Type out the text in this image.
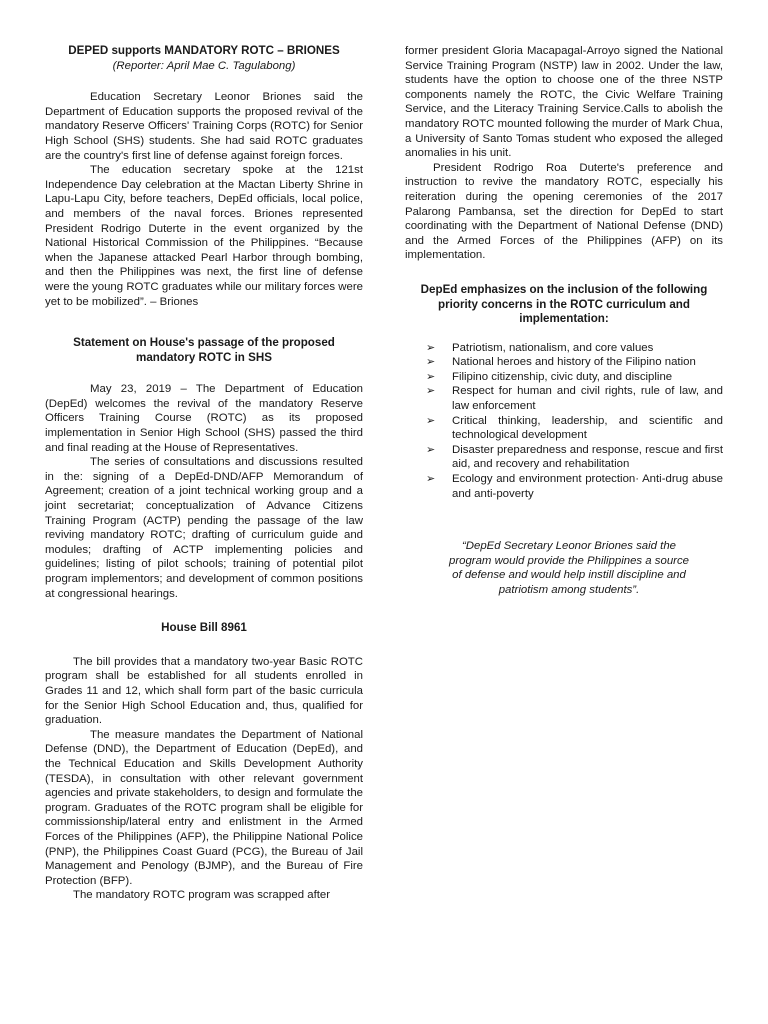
DEPED supports MANDATORY ROTC – BRIONES
(Reporter: April Mae C. Tagulabong)

Education Secretary Leonor Briones said the Department of Education supports the proposed revival of the mandatory Reserve Officers' Training Corps (ROTC) for Senior High School (SHS) students. She had said ROTC graduates are the country's first line of defense against foreign forces.

The education secretary spoke at the 121st Independence Day celebration at the Mactan Liberty Shrine in Lapu-Lapu City, before teachers, DepEd officials, local police, and members of the naval forces. Briones represented President Rodrigo Duterte in the event organized by the National Historical Commission of the Philippines. “Because when the Japanese attacked Pearl Harbor through bombing, and then the Philippines was next, the first line of defense were the young ROTC graduates while our military forces were yet to be mobilized”. – Briones

Statement on House's passage of the proposed mandatory ROTC in SHS

May 23, 2019 – The Department of Education (DepEd) welcomes the revival of the mandatory Reserve Officers Training Course (ROTC) as its proposed implementation in Senior High School (SHS) passed the third and final reading at the House of Representatives.

The series of consultations and discussions resulted in the: signing of a DepEd-DND/AFP Memorandum of Agreement; creation of a joint technical working group and a joint secretariat; conceptualization of Advance Citizens Training Program (ACTP) pending the passage of the law reviving mandatory ROTC; drafting of curriculum guide and modules; drafting of ACTP implementing policies and guidelines; listing of pilot schools; training of potential pilot program implementors; and development of common positions at congressional hearings.

House Bill 8961

The bill provides that a mandatory two-year Basic ROTC program shall be established for all students enrolled in Grades 11 and 12, which shall form part of the basic curricula for the Senior High School Education and, thus, qualified for graduation.

The measure mandates the Department of National Defense (DND), the Department of Education (DepEd), and the Technical Education and Skills Development Authority (TESDA), in consultation with other relevant government agencies and private stakeholders, to design and formulate the program. Graduates of the ROTC program shall be eligible for commissionship/lateral entry and enlistment in the Armed Forces of the Philippines (AFP), the Philippine National Police (PNP), the Philippines Coast Guard (PCG), the Bureau of Jail Management and Penology (BJMP), and the Bureau of Fire Protection (BFP).

The mandatory ROTC program was scrapped after

former president Gloria Macapagal-Arroyo signed the National Service Training Program (NSTP) law in 2002. Under the law, students have the option to choose one of the three NSTP components namely the ROTC, the Civic Welfare Training Service, and the Literacy Training Service.Calls to abolish the mandatory ROTC mounted following the murder of Mark Chua, a University of Santo Tomas student who exposed the alleged anomalies in his unit.

President Rodrigo Roa Duterte's preference and instruction to revive the mandatory ROTC, especially his reiteration during the opening ceremonies of the 2017 Palarong Pambansa, set the direction for DepEd to start coordinating with the Department of National Defense (DND) and the Armed Forces of the Philippines (AFP) on its implementation.

DepEd emphasizes on the inclusion of the following priority concerns in the ROTC curriculum and implementation:
➢ Patriotism, nationalism, and core values
➢ National heroes and history of the Filipino nation
➢ Filipino citizenship, civic duty, and discipline
➢ Respect for human and civil rights, rule of law, and law enforcement
➢ Critical thinking, leadership, and scientific and technological development
➢ Disaster preparedness and response, rescue and first aid, and recovery and rehabilitation
➢ Ecology and environment protection· Anti-drug abuse and anti-poverty
“DepEd Secretary Leonor Briones said the program would provide the Philippines a source of defense and would help instill discipline and patriotism among students”.
